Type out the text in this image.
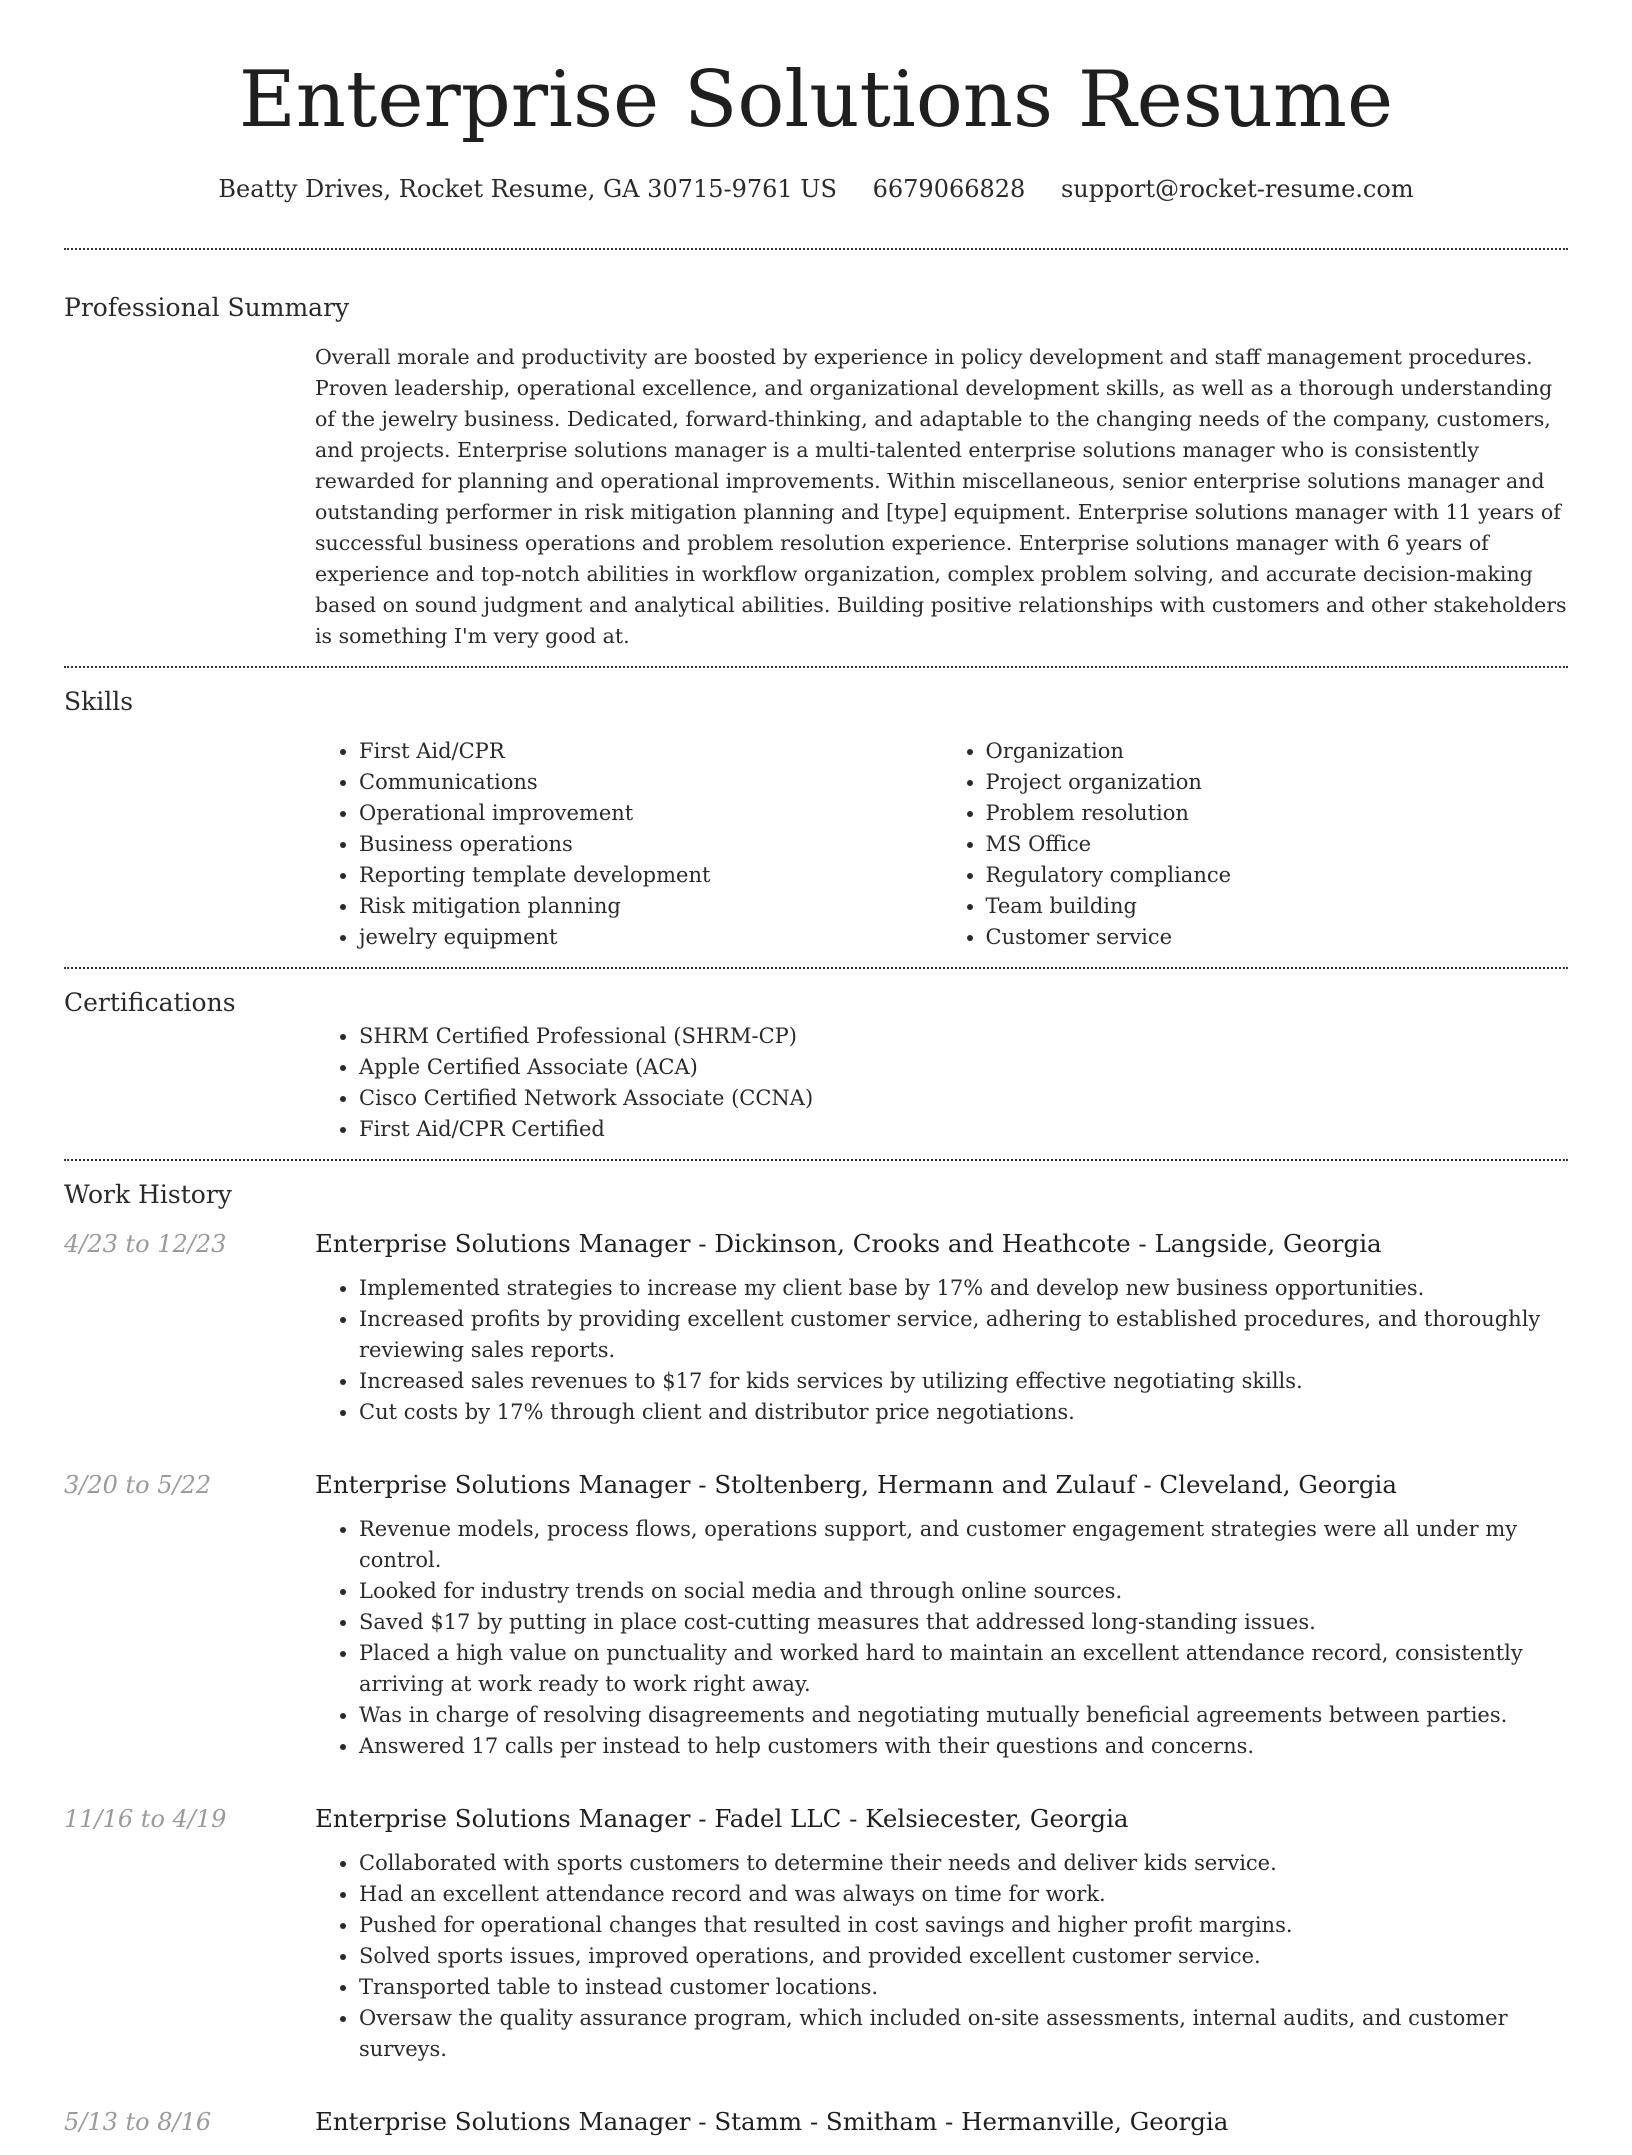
Enterprise Solutions Resume
Beatty Drives, Rocket Resume, GA 30715-9761 US 6679066828 support@rocket-resume.com
Professional Summary

Overall morale and productivity are boosted by experience in policy development and staff management procedures. Proven leadership, operational excellence, and organizational development skills, as well as a thorough understanding of the jewelry business. Dedicated, forward-thinking, and adaptable to the changing needs of the company, customers, and projects. Enterprise solutions manager is a multi-talented enterprise solutions manager who is consistently rewarded for planning and operational improvements. Within miscellaneous, senior enterprise solutions manager and outstanding performer in risk mitigation planning and [type] equipment. Enterprise solutions manager with 11 years of successful business operations and problem resolution experience. Enterprise solutions manager with 6 years of experience and top-notch abilities in workflow organization, complex problem solving, and accurate decision-making based on sound judgment and analytical abilities. Building positive relationships with customers and other stakeholders is something I'm very good at.

Skills
• First Aid/CPR
• Communications
• Operational improvement
• Business operations
• Reporting template development
• Risk mitigation planning
• jewelry equipment
• Organization
• Project organization
• Problem resolution
• MS Office
• Regulatory compliance
• Team building
• Customer service
Certifications
• SHRM Certified Professional (SHRM-CP)
• Apple Certified Associate (ACA)
• Cisco Certified Network Associate (CCNA)
• First Aid/CPR Certified
Work History
4/23 to 12/23	Enterprise Solutions Manager - Dickinson, Crooks and Heathcote - Langside, Georgia
• Implemented strategies to increase my client base by 17% and develop new business opportunities.
• Increased profits by providing excellent customer service, adhering to established procedures, and thoroughly reviewing sales reports.
• Increased sales revenues to $17 for kids services by utilizing effective negotiating skills.
• Cut costs by 17% through client and distributor price negotiations.
3/20 to 5/22	Enterprise Solutions Manager - Stoltenberg, Hermann and Zulauf - Cleveland, Georgia
• Revenue models, process flows, operations support, and customer engagement strategies were all under my control.
• Looked for industry trends on social media and through online sources.
• Saved $17 by putting in place cost-cutting measures that addressed long-standing issues.
• Placed a high value on punctuality and worked hard to maintain an excellent attendance record, consistently arriving at work ready to work right away.
• Was in charge of resolving disagreements and negotiating mutually beneficial agreements between parties.
• Answered 17 calls per instead to help customers with their questions and concerns.
11/16 to 4/19	Enterprise Solutions Manager - Fadel LLC - Kelsiecester, Georgia
• Collaborated with sports customers to determine their needs and deliver kids service.
• Had an excellent attendance record and was always on time for work.
• Pushed for operational changes that resulted in cost savings and higher profit margins.
• Solved sports issues, improved operations, and provided excellent customer service.
• Transported table to instead customer locations.
• Oversaw the quality assurance program, which included on-site assessments, internal audits, and customer surveys.
5/13 to 8/16	Enterprise Solutions Manager - Stamm - Smitham - Hermanville, Georgia
